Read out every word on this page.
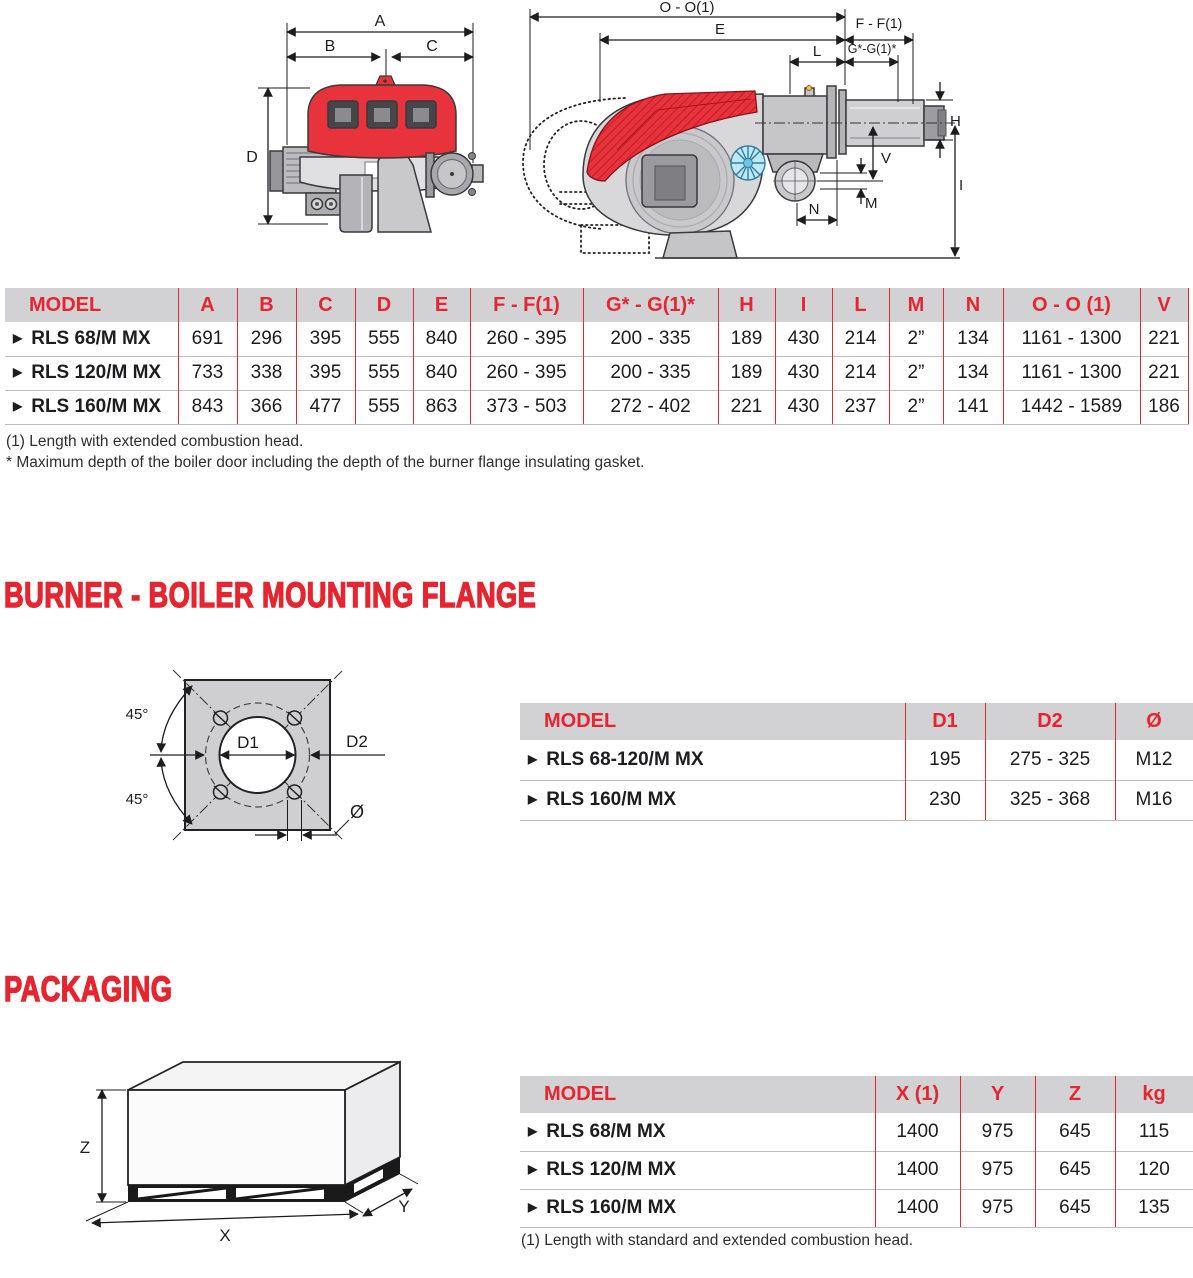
A
B	C
D
O - O(1)
E	F - F(1)
L G*-G(1)*
H
I
V
M
N
MODEL	A	B	C	D	E	F - F(1)	G* - G(1)*	H	I	L	M	N	O - O (1)	V
▶ RLS 68/M MX	691	296	395	555	840	260 - 395	200 - 335	189	430	214	2”	134	1161 - 1300	221
▶ RLS 120/M MX	733	338	395	555	840	260 - 395	200 - 335	189	430	214	2”	134	1161 - 1300	221
▶ RLS 160/M MX	843	366	477	555	863	373 - 503	272 - 402	221	430	237	2”	141	1442 - 1589	186
(1) Length with extended combustion head.
* Maximum depth of the boiler door including the depth of the burner flange insulating gasket.
BURNER - BOILER MOUNTING FLANGE
D2
D1
45°
45°
Ø
MODEL	D1	D2	Ø
▶ RLS 68-120/M MX	195	275 - 325	M12
▶ RLS 160/M MX	230	325 - 368	M16
PACKAGING
Z
X
Y
MODEL	X (1)	Y	Z	kg
▶ RLS 68/M MX	1400	975	645	115
▶ RLS 120/M MX	1400	975	645	120
▶ RLS 160/M MX	1400	975	645	135
(1) Length with standard and extended combustion head.
